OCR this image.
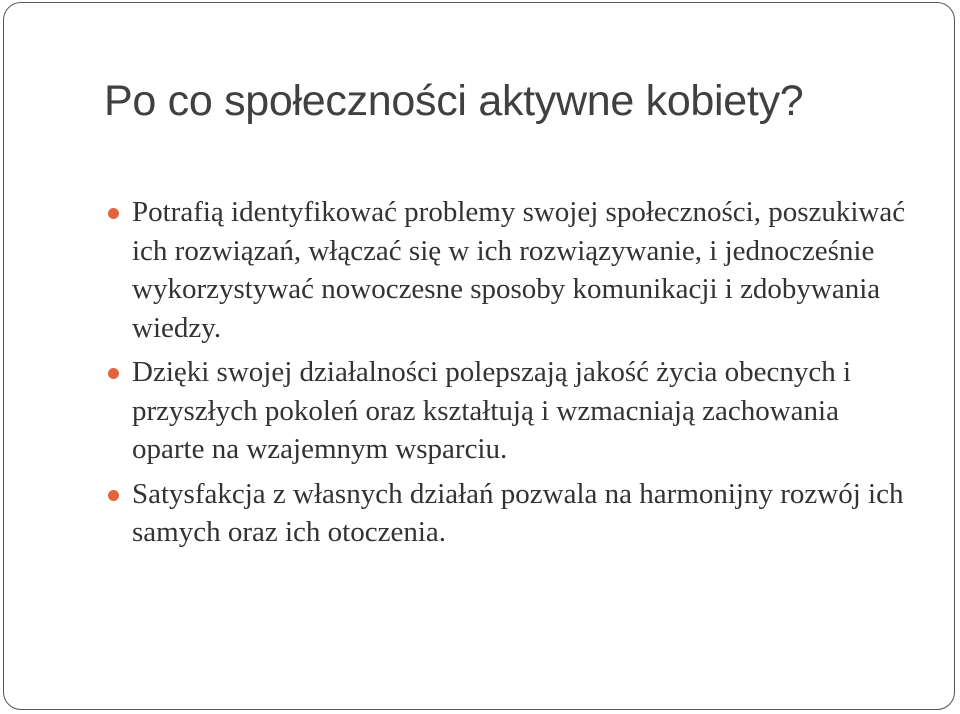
Po co społeczności aktywne kobiety?
Potrafią identyfikować problemy swojej społeczności, poszukiwać ich rozwiązań, włączać się w ich rozwiązywanie, i jednocześnie wykorzystywać nowoczesne sposoby komunikacji i zdobywania wiedzy.
Dzięki swojej działalności polepszają jakość życia obecnych i przyszłych pokoleń oraz kształtują i wzmacniają zachowania oparte na wzajemnym wsparciu.
Satysfakcja z własnych działań pozwala na harmonijny rozwój ich samych oraz ich otoczenia.
